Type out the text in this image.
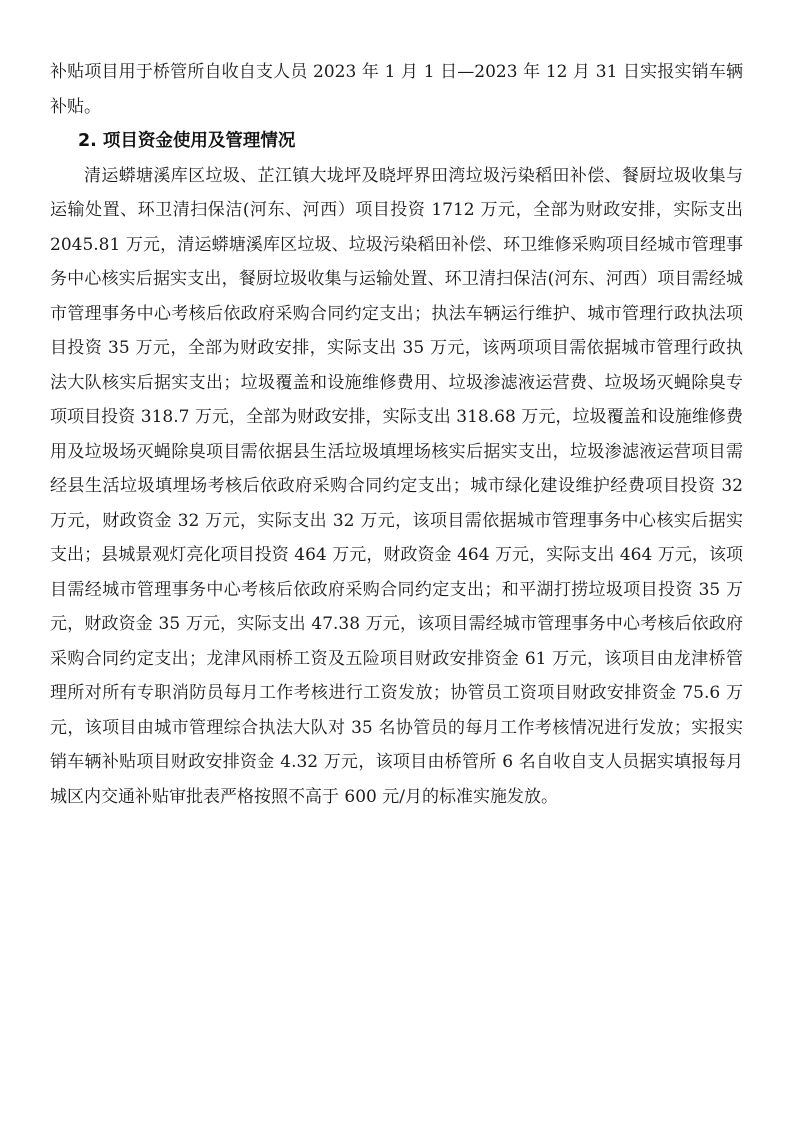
补贴项目用于桥管所自收自支人员 2023 年 1 月 1 日—2023 年 12 月 31 日实报实销车辆补贴。

2. 项目资金使用及管理情况

清运蟒塘溪库区垃圾、芷江镇大垅坪及晓坪界田湾垃圾污染稻田补偿、餐厨垃圾收集与运输处置、环卫清扫保洁(河东、河西）项目投资 1712 万元，全部为财政安排，实际支出 2045.81 万元，清运蟒塘溪库区垃圾、垃圾污染稻田补偿、环卫维修采购项目经城市管理事务中心核实后据实支出，餐厨垃圾收集与运输处置、环卫清扫保洁(河东、河西）项目需经城市管理事务中心考核后依政府采购合同约定支出；执法车辆运行维护、城市管理行政执法项目投资 35 万元，全部为财政安排，实际支出 35 万元，该两项项目需依据城市管理行政执法大队核实后据实支出；垃圾覆盖和设施维修费用、垃圾渗滤液运营费、垃圾场灭蝇除臭专项项目投资 318.7 万元，全部为财政安排，实际支出 318.68 万元，垃圾覆盖和设施维修费用及垃圾场灭蝇除臭项目需依据县生活垃圾填埋场核实后据实支出，垃圾渗滤液运营项目需经县生活垃圾填埋场考核后依政府采购合同约定支出；城市绿化建设维护经费项目投资 32 万元，财政资金 32 万元，实际支出 32 万元，该项目需依据城市管理事务中心核实后据实支出；县城景观灯亮化项目投资 464 万元，财政资金 464 万元，实际支出 464 万元，该项目需经城市管理事务中心考核后依政府采购合同约定支出；和平湖打捞垃圾项目投资 35 万元，财政资金 35 万元，实际支出 47.38 万元，该项目需经城市管理事务中心考核后依政府采购合同约定支出；龙津风雨桥工资及五险项目财政安排资金 61 万元，该项目由龙津桥管理所对所有专职消防员每月工作考核进行工资发放；协管员工资项目财政安排资金 75.6 万元，该项目由城市管理综合执法大队对 35 名协管员的每月工作考核情况进行发放；实报实销车辆补贴项目财政安排资金 4.32 万元，该项目由桥管所 6 名自收自支人员据实填报每月城区内交通补贴审批表严格按照不高于 600 元/月的标准实施发放。
